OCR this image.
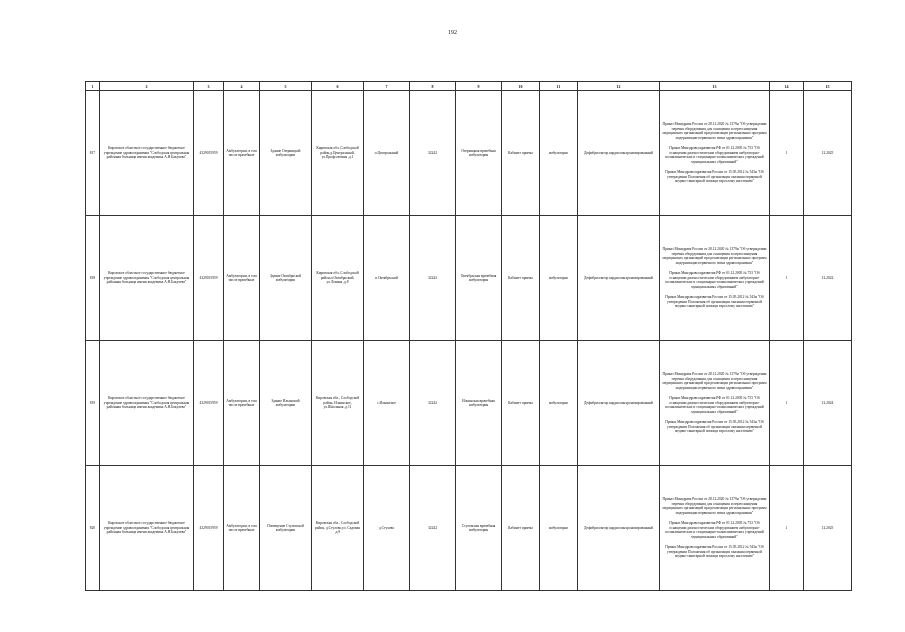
192
1	2	3	4	5	6	7	8	9	10	11	12	13	14	15
817	Кировское областное государственное бюджетное учреждение здравоохранения "Слободская центральная районная больница имени академика А.Н.Бакулева"	4329015959	Амбулатории, в том числе врачебные	Здание Озерницкой амбулатории	Кировская обл.,Слободской район,д.Центральный, ул.Профсоюзная ,д.1	п.Центральный	32242	Озерницкая врачебная амбулатория	Кабинет приема	амбулаторно	Дефибриллятор кардиосинхронизированный	Приказ Минздрава России от 28.12.2020 № 1379н "Об утверждении перечня оборудования для оснащения и переоснащения медицинских организаций при реализации региональных программ модернизации первичного звена здравоохранения"
Приказ Минздравсоцразвития РФ от 01.12.2005 № 753 "Об оснащении диагностическим оборудованием амбулаторно-поликлинических и стационарно-поликлинических учреждений муниципальных образований"
Приказ Минздравсоцразвития России от 15.05.2012 № 543н "Об утверждении Положения об организации оказания первичной медико-санитарной помощи взрослому населению"	1	12.2025
818	Кировское областное государственное бюджетное учреждение здравоохранения "Слободская центральная районная больница имени академика А.Н.Бакулева"	4329015959	Амбулатории, в том числе врачебные	Здание Октябрьской амбулатории	Кировская обл.,Слободской район,п.Октябрьский, ул.Ленина ,д.8	п.Октябрьский	32242	Октябрьская врачебная амбулатория	Кабинет приема	амбулаторно	Дефибриллятор кардиосинхронизированный	Приказ Минздрава России от 28.12.2020 № 1379н "Об утверждении перечня оборудования для оснащения и переоснащения медицинских организаций при реализации региональных программ модернизации первичного звена здравоохранения"
Приказ Минздравсоцразвития РФ от 01.12.2005 № 753 "Об оснащении диагностическим оборудованием амбулаторно-поликлинических и стационарно-поликлинических учреждений муниципальных образований"
Приказ Минздравсоцразвития России от 15.05.2012 № 543н "Об утверждении Положения об организации оказания первичной медико-санитарной помощи взрослому населению"	1	12.2022
819	Кировское областное государственное бюджетное учреждение здравоохранения "Слободская центральная районная больница имени академика А.Н.Бакулева"	4329015959	Амбулатории, в том числе врачебные	Здание Ильинской амбулатории	Кировская обл., Слободской район, Ильинское, ул.Школьная ,д.11	с.Ильинское	32242	Ильинская врачебная амбулатория	Кабинет приема	амбулаторно	Дефибриллятор кардиосинхронизированный	Приказ Минздрава России от 28.12.2020 № 1379н "Об утверждении перечня оборудования для оснащения и переоснащения медицинских организаций при реализации региональных программ модернизации первичного звена здравоохранения"
Приказ Минздравсоцразвития РФ от 01.12.2005 № 753 "Об оснащении диагностическим оборудованием амбулаторно-поликлинических и стационарно-поликлинических учреждений муниципальных образований"
Приказ Минздравсоцразвития России от 15.05.2012 № 543н "Об утверждении Положения об организации оказания первичной медико-санитарной помощи взрослому населению"	1	12.2024
820	Кировское областное государственное бюджетное учреждение здравоохранения "Слободская центральная районная больница имени академика А.Н.Бакулева"	4329015959	Амбулатории, в том числе врачебные	Помещение Стуловской амбулатории	Кировская обл., Слободской район, д.Стулово,ул. Садовая ,д.9	д.Стулово	32242	Стуловская врачебная амбулатория	Кабинет приема	амбулаторно	Дефибриллятор кардиосинхронизированный	Приказ Минздрава России от 28.12.2020 № 1379н "Об утверждении перечня оборудования для оснащения и переоснащения медицинских организаций при реализации региональных программ модернизации первичного звена здравоохранения"
Приказ Минздравсоцразвития РФ от 01.12.2005 № 753 "Об оснащении диагностическим оборудованием амбулаторно-поликлинических и стационарно-поликлинических учреждений муниципальных образований"
Приказ Минздравсоцразвития России от 15.05.2012 № 543н "Об утверждении Положения об организации оказания первичной медико-санитарной помощи взрослому населению"	1	12.2025
